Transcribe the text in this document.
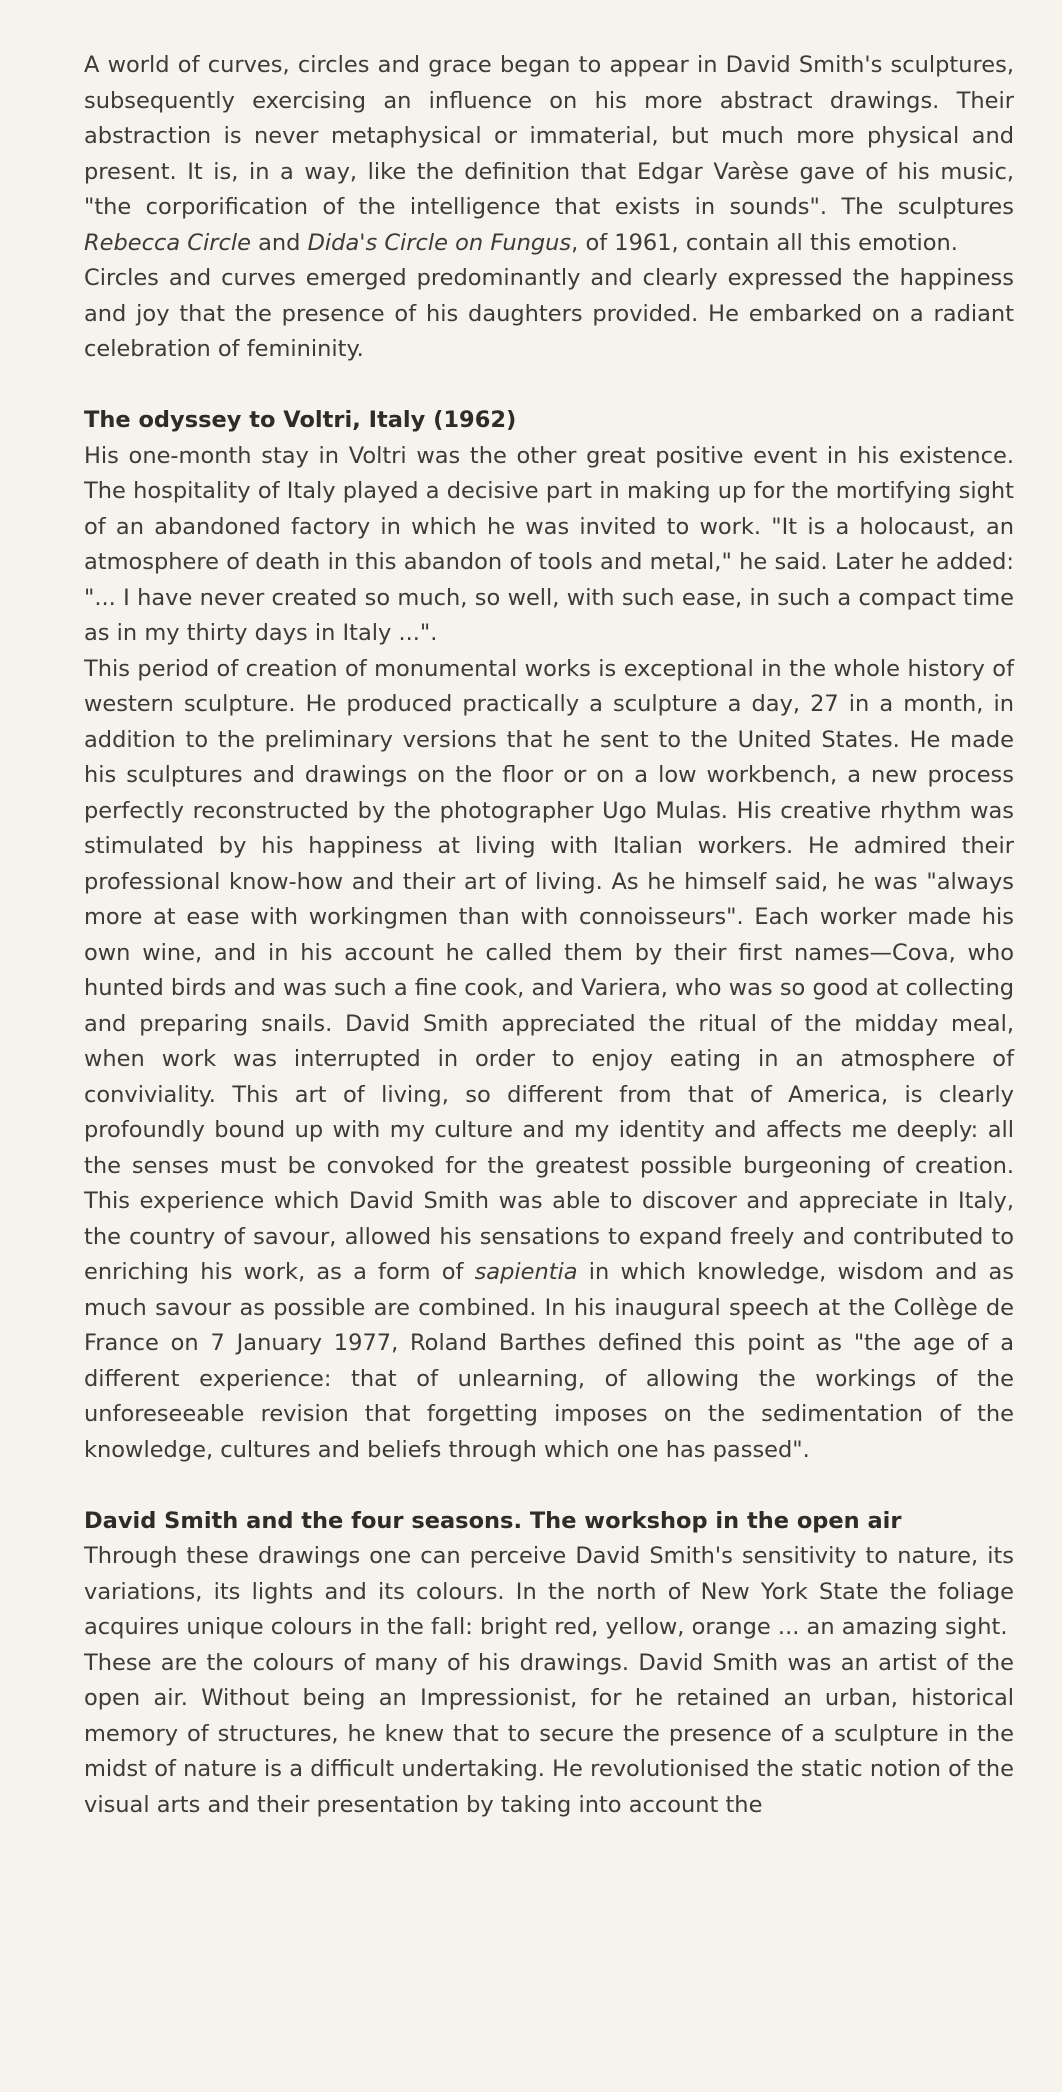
A world of curves, circles and grace began to appear in David Smith's sculptures, subsequently exercising an influence on his more abstract drawings. Their abstraction is never metaphysical or immaterial, but much more physical and present. It is, in a way, like the definition that Edgar Varèse gave of his music, "the corporification of the intelligence that exists in sounds". The sculptures Rebecca Circle and Dida's Circle on Fungus, of 1961, contain all this emotion.

Circles and curves emerged predominantly and clearly expressed the happiness and joy that the presence of his daughters provided. He embarked on a radiant celebration of femininity.

The odyssey to Voltri, Italy (1962)

His one-month stay in Voltri was the other great positive event in his existence. The hospitality of Italy played a decisive part in making up for the mortifying sight of an abandoned factory in which he was invited to work. "It is a holocaust, an atmosphere of death in this abandon of tools and metal," he said. Later he added: "... I have never created so much, so well, with such ease, in such a compact time as in my thirty days in Italy ...".

This period of creation of monumental works is exceptional in the whole history of western sculpture. He produced practically a sculpture a day, 27 in a month, in addition to the preliminary versions that he sent to the United States. He made his sculptures and drawings on the floor or on a low workbench, a new process perfectly reconstructed by the photographer Ugo Mulas. His creative rhythm was stimulated by his happiness at living with Italian workers. He admired their professional know-how and their art of living. As he himself said, he was "always more at ease with workingmen than with connoisseurs". Each worker made his own wine, and in his account he called them by their first names—Cova, who hunted birds and was such a fine cook, and Variera, who was so good at collecting and preparing snails. David Smith appreciated the ritual of the midday meal, when work was interrupted in order to enjoy eating in an atmosphere of conviviality. This art of living, so different from that of America, is clearly profoundly bound up with my culture and my identity and affects me deeply: all the senses must be convoked for the greatest possible burgeoning of creation. This experience which David Smith was able to discover and appreciate in Italy, the country of savour, allowed his sensations to expand freely and contributed to enriching his work, as a form of sapientia in which knowledge, wisdom and as much savour as possible are combined. In his inaugural speech at the Collège de France on 7 January 1977, Roland Barthes defined this point as "the age of a different experience: that of unlearning, of allowing the workings of the unforeseeable revision that forgetting imposes on the sedimentation of the knowledge, cultures and beliefs through which one has passed".

David Smith and the four seasons. The workshop in the open air

Through these drawings one can perceive David Smith's sensitivity to nature, its variations, its lights and its colours. In the north of New York State the foliage acquires unique colours in the fall: bright red, yellow, orange ... an amazing sight.

These are the colours of many of his drawings. David Smith was an artist of the open air. Without being an Impressionist, for he retained an urban, historical memory of structures, he knew that to secure the presence of a sculpture in the midst of nature is a difficult undertaking. He revolutionised the static notion of the visual arts and their presentation by taking into account the
